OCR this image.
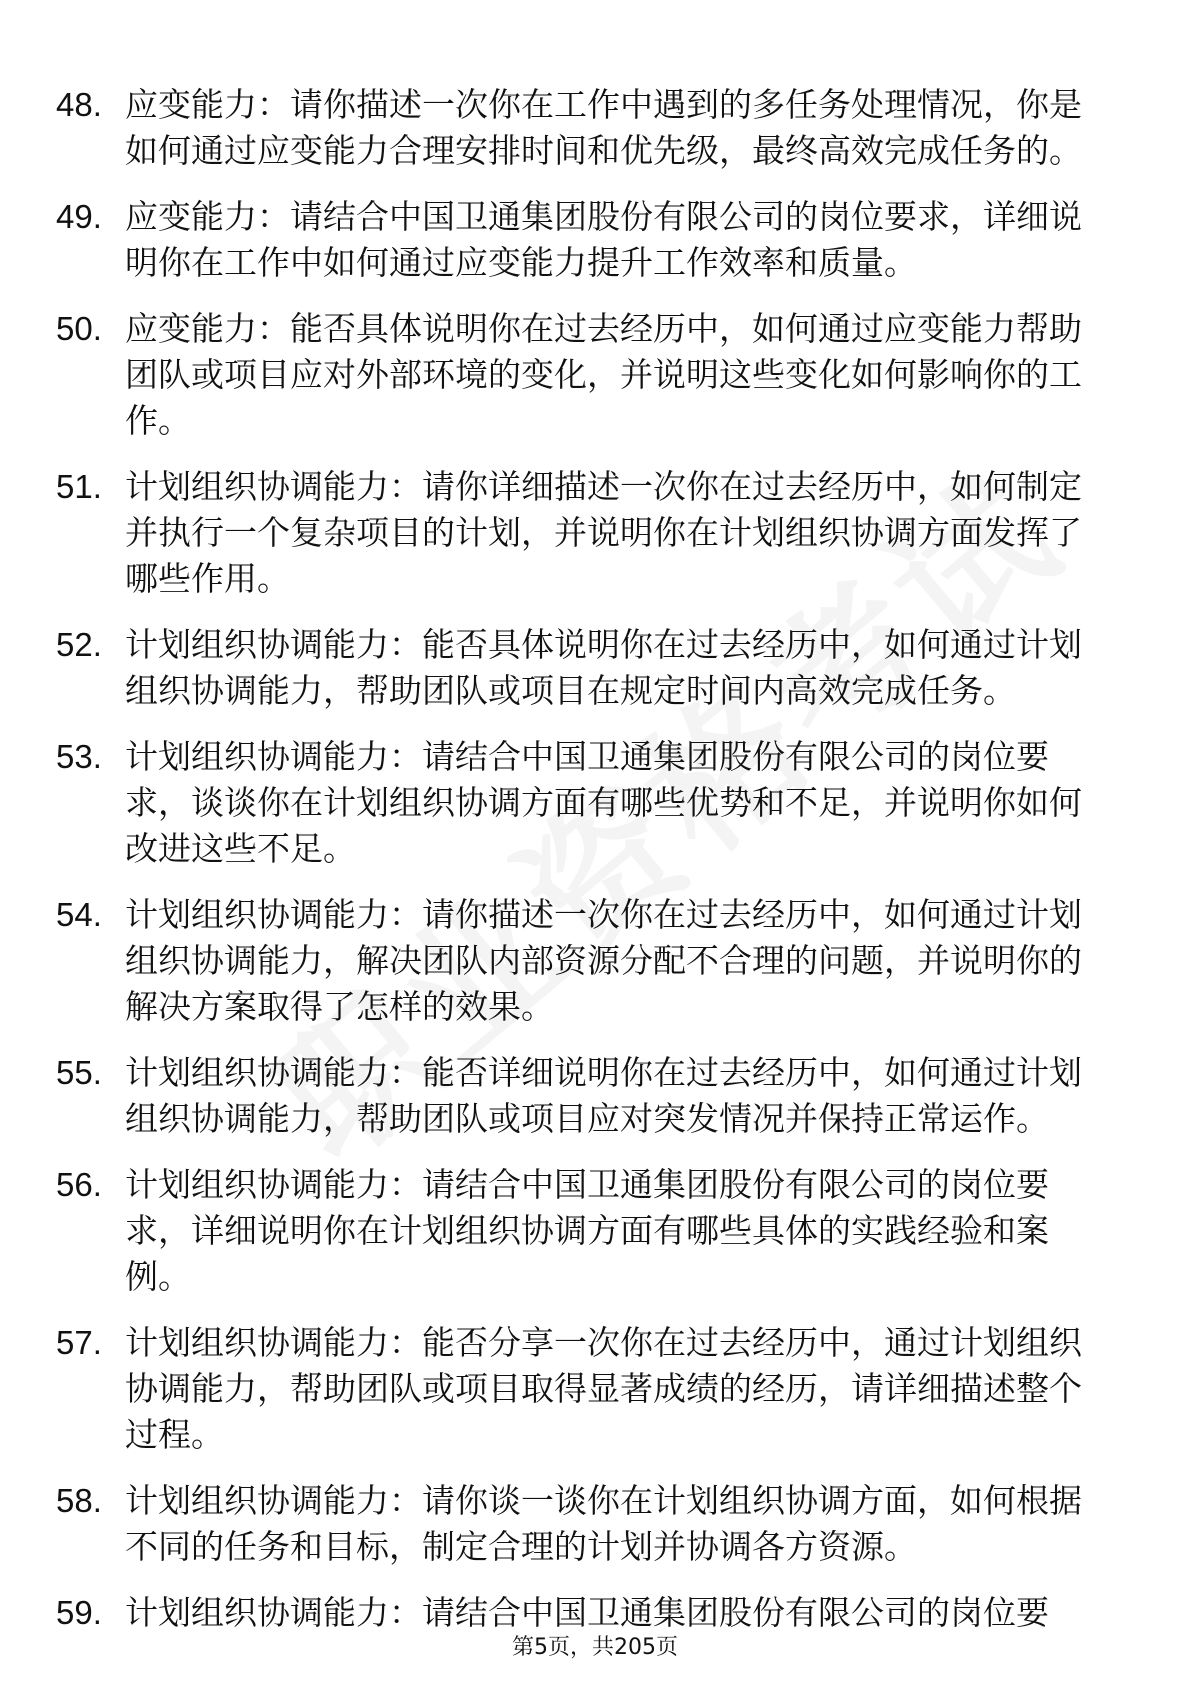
48. 应变能力：请你描述一次你在工作中遇到的多任务处理情况，你是如何通过应变能力合理安排时间和优先级，最终高效完成任务的。
49. 应变能力：请结合中国卫通集团股份有限公司的岗位要求，详细说明你在工作中如何通过应变能力提升工作效率和质量。
50. 应变能力：能否具体说明你在过去经历中，如何通过应变能力帮助团队或项目应对外部环境的变化，并说明这些变化如何影响你的工作。
51. 计划组织协调能力：请你详细描述一次你在过去经历中，如何制定并执行一个复杂项目的计划，并说明你在计划组织协调方面发挥了哪些作用。
52. 计划组织协调能力：能否具体说明你在过去经历中，如何通过计划组织协调能力，帮助团队或项目在规定时间内高效完成任务。
53. 计划组织协调能力：请结合中国卫通集团股份有限公司的岗位要求，谈谈你在计划组织协调方面有哪些优势和不足，并说明你如何改进这些不足。
54. 计划组织协调能力：请你描述一次你在过去经历中，如何通过计划组织协调能力，解决团队内部资源分配不合理的问题，并说明你的解决方案取得了怎样的效果。
55. 计划组织协调能力：能否详细说明你在过去经历中，如何通过计划组织协调能力，帮助团队或项目应对突发情况并保持正常运作。
56. 计划组织协调能力：请结合中国卫通集团股份有限公司的岗位要求，详细说明你在计划组织协调方面有哪些具体的实践经验和案例。
57. 计划组织协调能力：能否分享一次你在过去经历中，通过计划组织协调能力，帮助团队或项目取得显著成绩的经历，请详细描述整个过程。
58. 计划组织协调能力：请你谈一谈你在计划组织协调方面，如何根据不同的任务和目标，制定合理的计划并协调各方资源。
59. 计划组织协调能力：请结合中国卫通集团股份有限公司的岗位要
第5页，共205页
